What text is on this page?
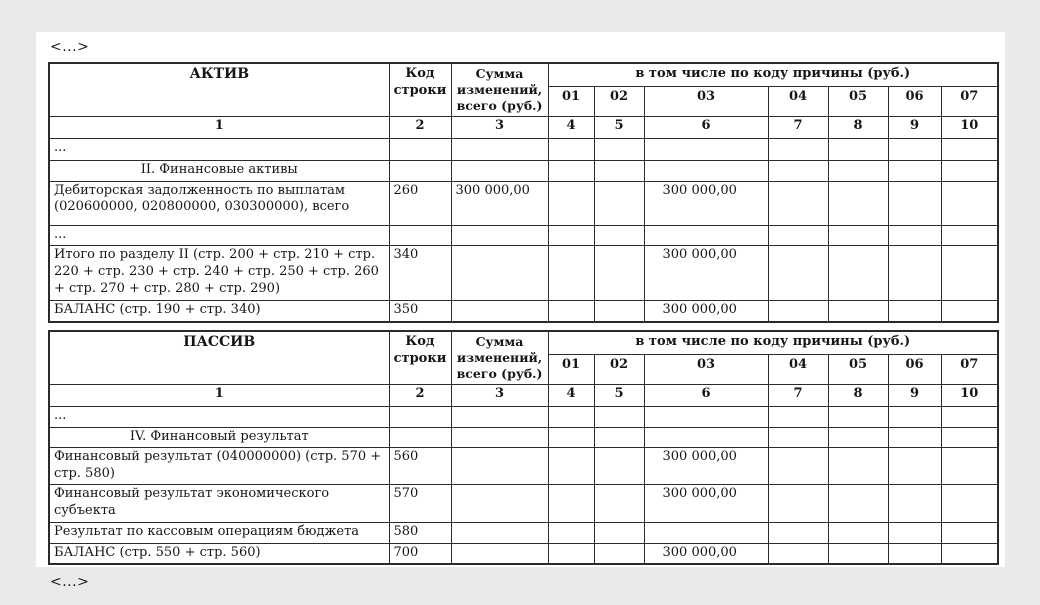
<...>
АКТИВ	Код строки	Сумма изменений, всего (руб.)	в том числе по коду причины (руб.)						
			01	02	03	04	05	06	07
1	2	3	4	5	6	7	8	9	10
...									
II. Финансовые активы									
Дебиторская задолженность по выплатам (020600000, 020800000, 030300000), всего	260	300 000,00			300 000,00				
...									
Итого по разделу II (стр. 200 + стр. 210 + стр. 220 + стр. 230 + стр. 240 + стр. 250 + стр. 260 + стр. 270 + стр. 280 + стр. 290)	340				300 000,00				
БАЛАНС (стр. 190 + стр. 340)	350				300 000,00				
ПАССИВ	Код строки	Сумма изменений, всего (руб.)	в том числе по коду причины (руб.)						
			01	02	03	04	05	06	07
1	2	3	4	5	6	7	8	9	10
...									
IV. Финансовый результат									
Финансовый результат (040000000) (стр. 570 + стр. 580)	560				300 000,00				
Финансовый результат экономического субъекта	570				300 000,00				
Результат по кассовым операциям бюджета	580								
БАЛАНС (стр. 550 + стр. 560)	700				300 000,00				
<...>
